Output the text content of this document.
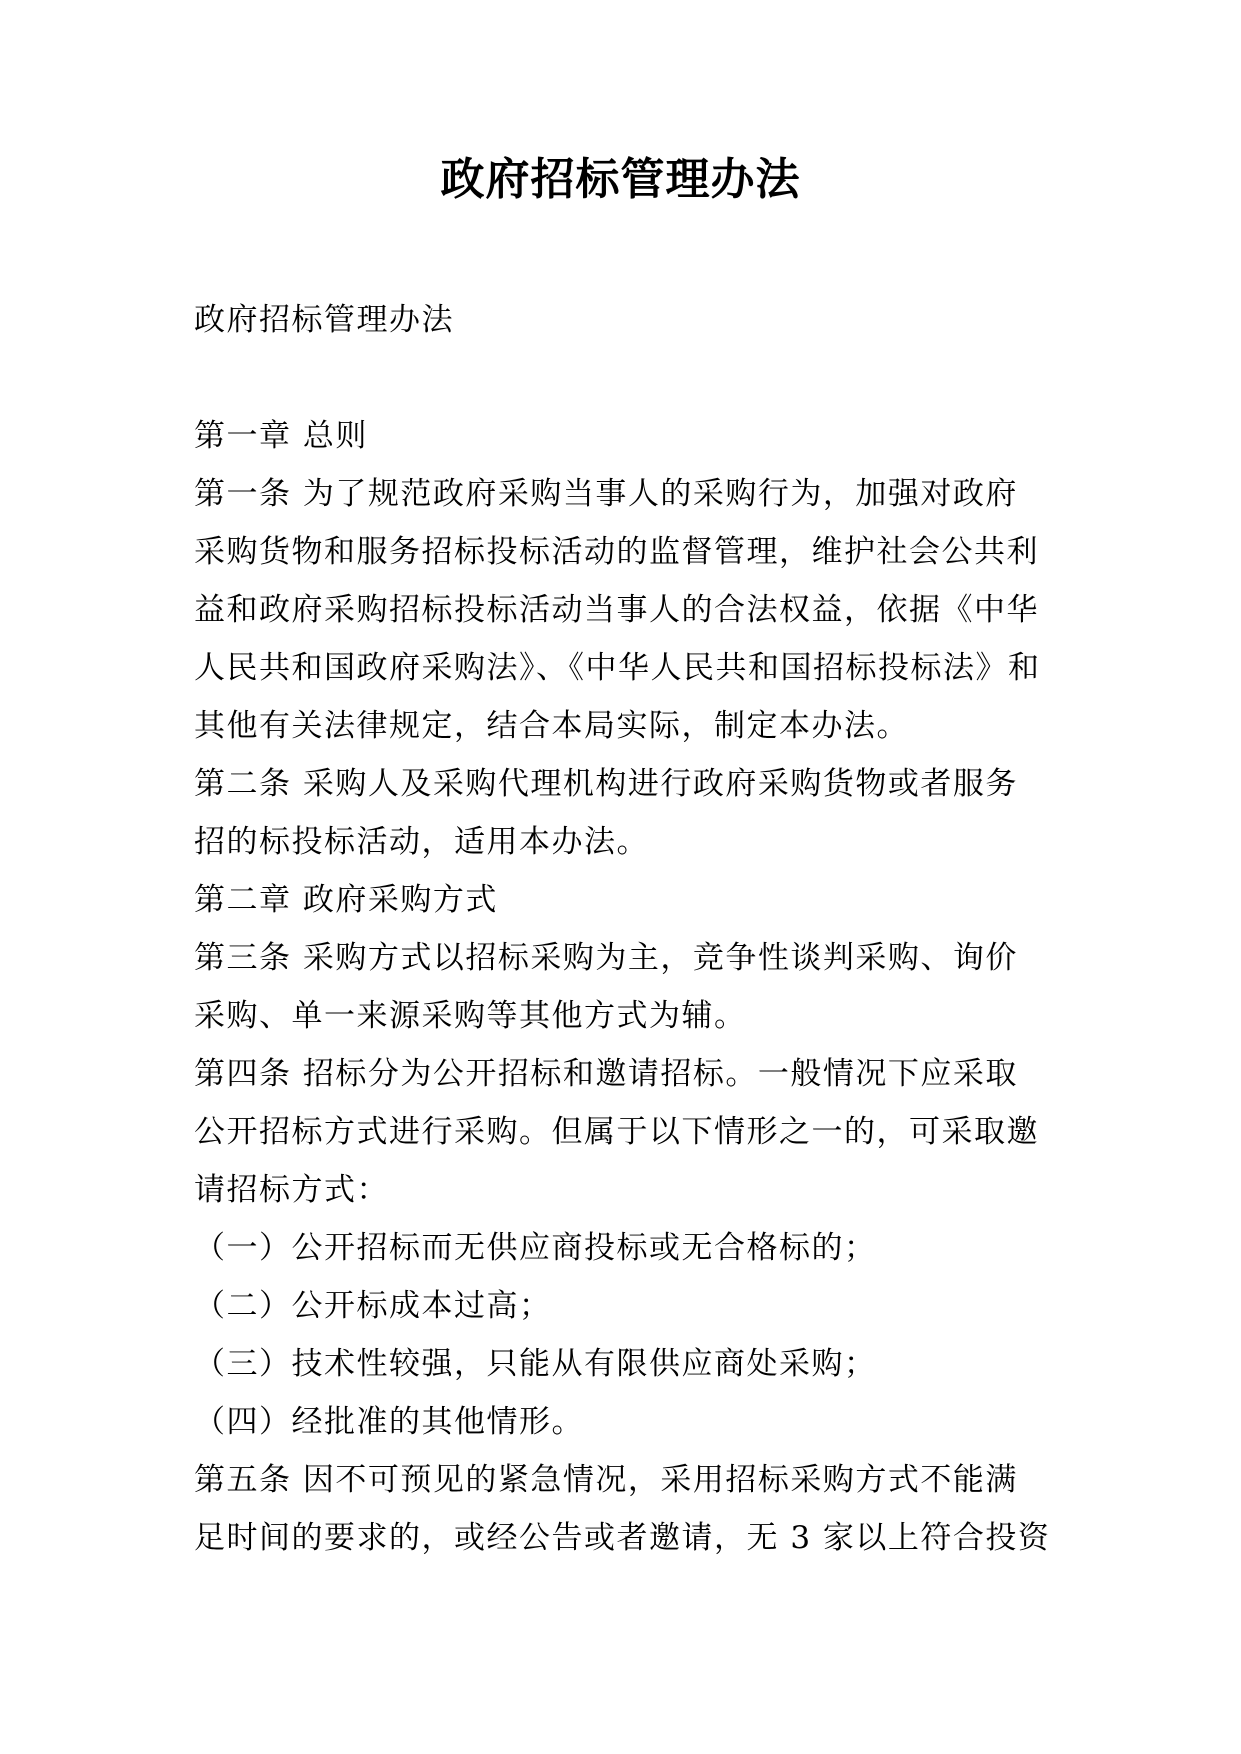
政府招标管理办法
政府招标管理办法
第一章 总则
第一条 为了规范政府采购当事人的采购行为，加强对政府
采购货物和服务招标投标活动的监督管理，维护社会公共利
益和政府采购招标投标活动当事人的合法权益，依据《中华
人民共和国政府采购法》、《中华人民共和国招标投标法》和
其他有关法律规定，结合本局实际，制定本办法。
第二条 采购人及采购代理机构进行政府采购货物或者服务
招的标投标活动，适用本办法。
第二章 政府采购方式
第三条 采购方式以招标采购为主，竞争性谈判采购、询价
采购、单一来源采购等其他方式为辅。
第四条 招标分为公开招标和邀请招标。一般情况下应采取
公开招标方式进行采购。但属于以下情形之一的，可采取邀
请招标方式：
（一）公开招标而无供应商投标或无合格标的；
（二）公开标成本过高；
（三）技术性较强，只能从有限供应商处采购；
（四）经批准的其他情形。
第五条 因不可预见的紧急情况，采用招标采购方式不能满
足时间的要求的，或经公告或者邀请，无 3 家以上符合投资
